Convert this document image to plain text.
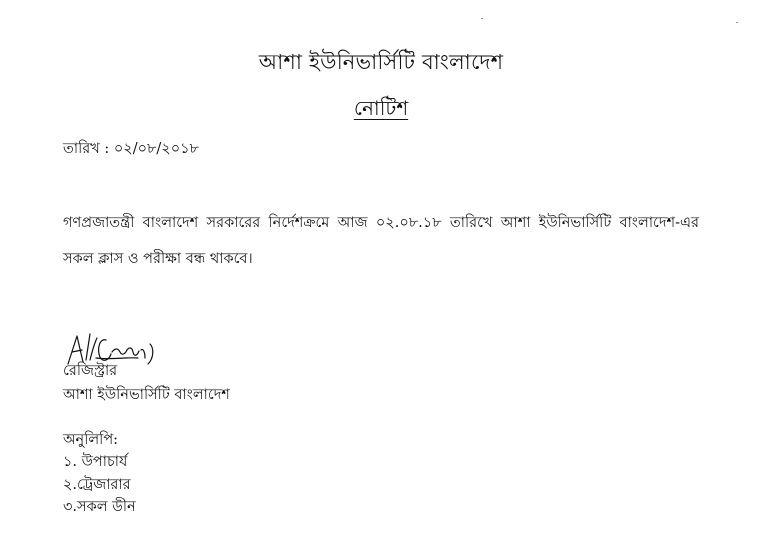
আশা ইউনিভার্সিটি বাংলাদেশ
নোটিশ
তারিখ : ০২/০৮/২০১৮
গণপ্রজাতন্ত্রী বাংলাদেশ সরকারের নির্দেশক্রমে আজ ০২.০৮.১৮ তারিখে আশা ইউনিভার্সিটি বাংলাদেশ-এর সকল ক্লাস ও পরীক্ষা বন্ধ থাকবে।
রেজিস্ট্রার
আশা ইউনিভার্সিটি বাংলাদেশ
অনুলিপি:
১. উপাচার্য
২.ট্রেজারার
৩.সকল ডীন
